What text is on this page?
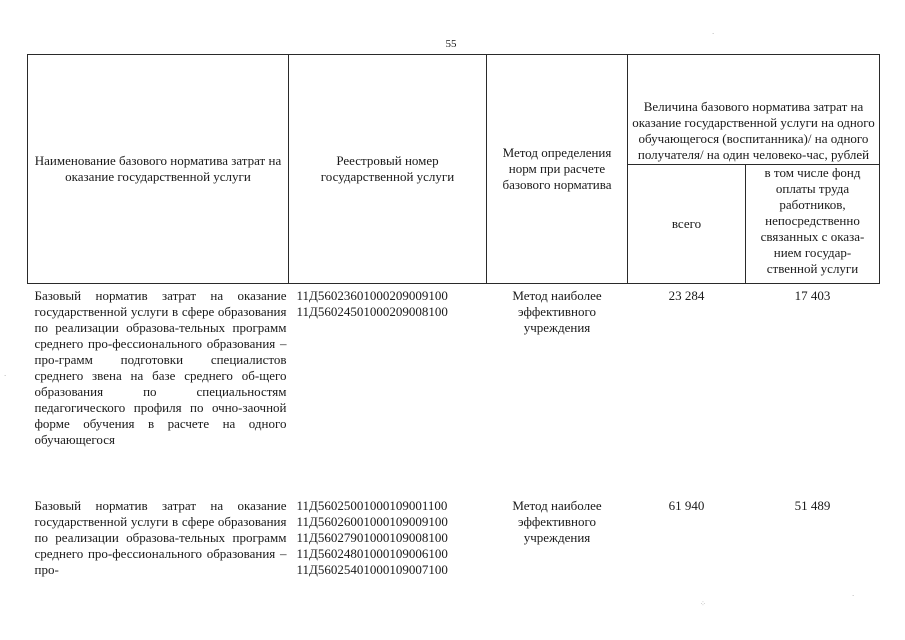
55
Наименование базового норматива затрат на оказание государственной услуги	Реестровый номер государственной услуги	Метод определения норм при расчете базового норматива	Величина базового норматива затрат на оказание государственной услуги на одного обучающегося (воспитанника)/ на одного получателя/ на один человеко-час, рублей	
			всего	в том числе фонд оплаты труда работников, непосредственно связанных с оказа-нием государ-ственной услуги
Базовый норматив затрат на оказание государственной услуги в сфере образования по реализации образова-тельных программ среднего про-фессионального образования – про-грамм подготовки специалистов среднего звена на базе среднего об-щего образования по специальностям педагогического профиля по очно-заочной форме обучения в расчете на одного обучающегося	11Д56023601000209009100
11Д56024501000209008100	Метод наиболее эффективного учреждения	23 284	17 403
Базовый норматив затрат на оказание государственной услуги в сфере образования по реализации образова-тельных программ среднего про-фессионального образования – про-	11Д56025001000109001100
11Д56026001000109009100
11Д56027901000109008100
11Д56024801000109006100
11Д56025401000109007100	Метод наиболее эффективного учреждения	61 940	51 489
·
·
⁘
·
